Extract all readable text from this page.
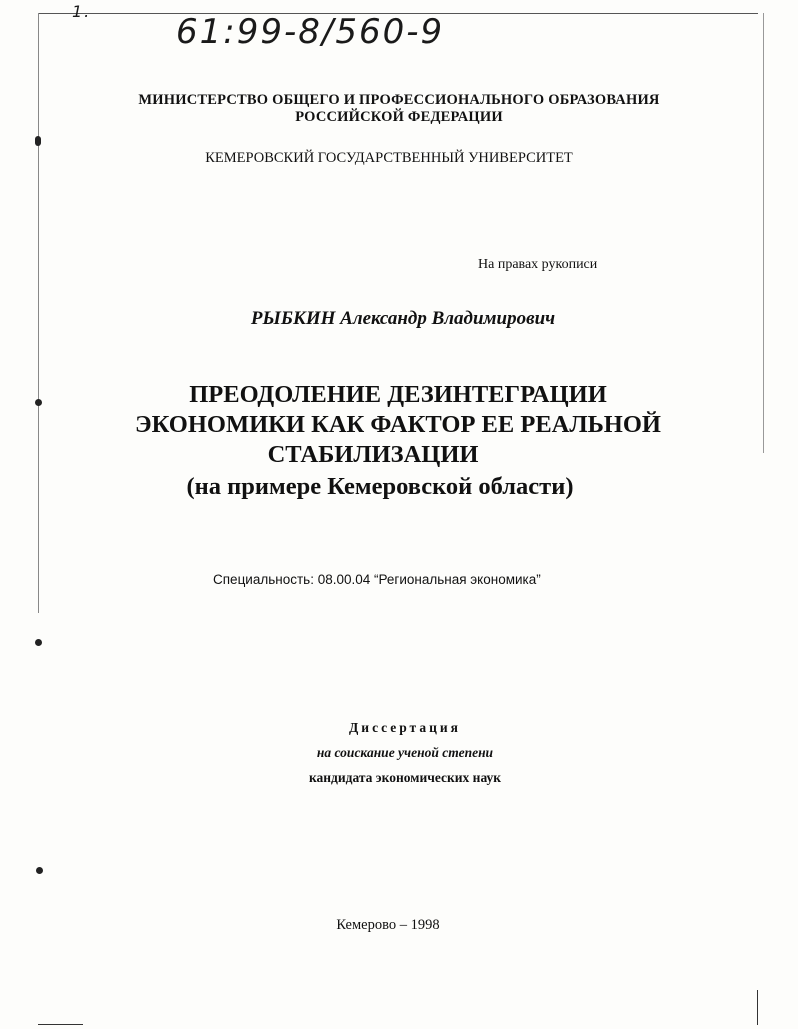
1.
61:99-8/560-9
МИНИСТЕРСТВО ОБЩЕГО И ПРОФЕССИОНАЛЬНОГО ОБРАЗОВАНИЯ
РОССИЙСКОЙ ФЕДЕРАЦИИ
КЕМЕРОВСКИЙ ГОСУДАРСТВЕННЫЙ УНИВЕРСИТЕТ
На правах рукописи
РЫБКИН Александр Владимирович
ПРЕОДОЛЕНИЕ ДЕЗИНТЕГРАЦИИ
ЭКОНОМИКИ КАК ФАКТОР ЕЕ РЕАЛЬНОЙ
СТАБИЛИЗАЦИИ
(на примере Кемеровской области)
Специальность: 08.00.04 “Региональная экономика”
Диссертация
на соискание ученой степени
кандидата экономических наук
Кемерово – 1998
